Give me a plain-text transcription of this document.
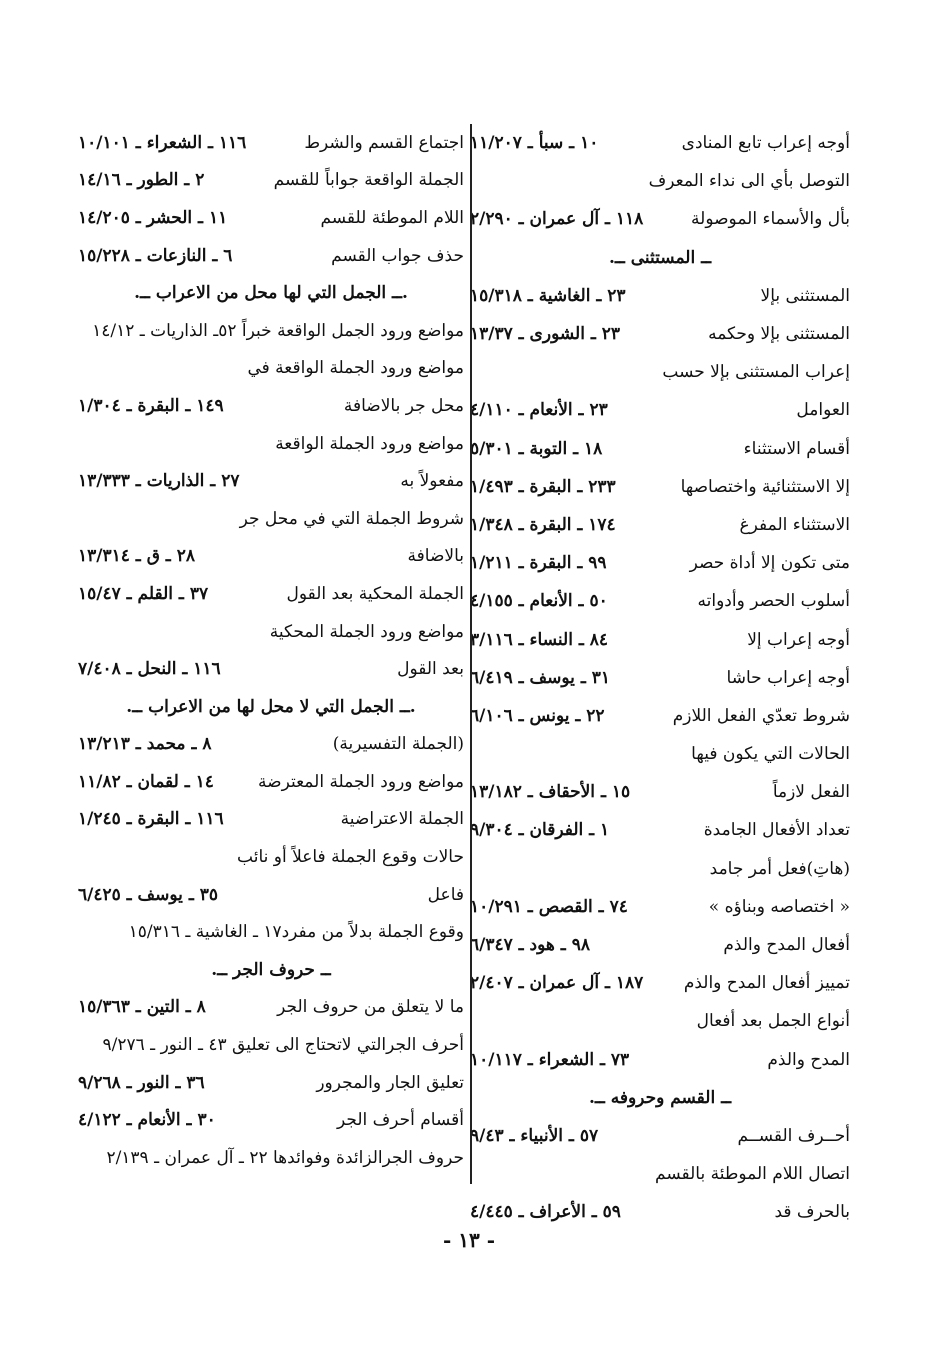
أوجه إعراب تابع المنادى
١٠ ـ سبأ ـ ١١/٢٠٧
التوصل بأي الى نداء المعرف
بأل والأسماء الموصولة
١١٨ ـ آل عمران ـ ٢/٢٩٠
ــ المستثنى ــ.
المستثنى بإلا
٢٣ ـ الغاشية ـ ١٥/٣١٨
المستثنى بإلا وحكمه
٢٣ ـ الشورى ـ ١٣/٣٧
إعراب المستثنى بإلا حسب
العوامل
٢٣ ـ الأنعام ـ ٤/١١٠
أقسام الاستثناء
١٨ ـ التوبة ـ ٥/٣٠١
إلا الاستثنائية واختصاصها
٢٣٣ ـ البقرة ـ ١/٤٩٣
الاستثناء المفرغ
١٧٤ ـ البقرة ـ ١/٣٤٨
متى تكون إلا أداة حصر
٩٩ ـ البقرة ـ ١/٢١١
أسلوب الحصر وأدواته
٥٠ ـ الأنعام ـ ٤/١٥٥
أوجه إعراب إلا
٨٤ ـ النساء ـ ٣/١١٦
أوجه إعراب حاشا
٣١ ـ يوسف ـ ٦/٤١٩
شروط تعدّي الفعل اللازم
٢٢ ـ يونس ـ ٦/١٠٦
الحالات التي يكون فيها
الفعل لازماً
١٥ ـ الأحقاف ـ ١٣/١٨٢
تعداد الأفعال الجامدة
١ ـ الفرقان ـ ٩/٣٠٤
(هاتِ)فعل أمر جامد
« اختصاصه وبناؤه »
٧٤ ـ القصص ـ ١٠/٢٩١
أفعال المدح والذم
٩٨ ـ هود ـ ٦/٣٤٧
تمييز أفعال المدح والذم
١٨٧ ـ آل عمران ـ ٢/٤٠٧
أنواع الجمل بعد أفعال
المدح والذم
٧٣ ـ الشعراء ـ ١٠/١١٧
ــ القسم وحروفه ــ.
أحــرف القســم
٥٧ ـ الأنبياء ـ ٩/٤٣
اتصال اللام الموطئة بالقسم
بالحرف قد
٥٩ ـ الأعراف ـ ٤/٤٤٥
اجتماع القسم والشرط
١١٦ ـ الشعراء ـ ١٠/١٠١
الجملة الواقعة جواباً للقسم
٢ ـ الطور ـ ١٤/١٦
اللام الموطئة للقسم
١١ ـ الحشر ـ ١٤/٢٠٥
حذف جواب القسم
٦ ـ النازعات ـ ١٥/٢٢٨
.ــ الجمل التي لها محل من الاعراب ــ.
مواضع ورود الجمل الواقعة خبراً ٥٢ـ الذاريات ـ ١٤/١٢
مواضع ورود الجملة الواقعة في
محل جر بالاضافة
١٤٩ ـ البقرة ـ ١/٣٠٤
مواضع ورود الجملة الواقعة
مفعولاً به
٢٧ ـ الذاريات ـ ١٣/٣٣٣
شروط الجملة التي في محل جر
بالاضافة
٢٨ ـ ق ـ ١٣/٣١٤
الجملة المحكية بعد القول
٣٧ ـ القلم ـ ١٥/٤٧
مواضع ورود الجملة المحكية
بعد القول
١١٦ ـ النحل ـ ٧/٤٠٨
.ــ الجمل التي لا محل لها من الاعراب ــ.
(الجملة التفسيرية)
٨ ـ محمد ـ ١٣/٢١٣
مواضع ورود الجملة المعترضة
١٤ ـ لقمان ـ ١١/٨٢
الجملة الاعتراضية
١١٦ ـ البقرة ـ ١/٢٤٥
حالات وقوع الجملة فاعلاً أو نائب
فاعل
٣٥ ـ يوسف ـ ٦/٤٢٥
وقوع الجملة بدلاً من مفرد١٧ ـ الغاشية ـ ١٥/٣١٦
ــ حروف الجر ــ.
ما لا يتعلق من حروف الجر
٨ ـ التين ـ ١٥/٣٦٣
أحرف الجرالتي لاتحتاج الى تعليق ٤٣ ـ النور ـ ٩/٢٧٦
تعليق الجار والمجرور
٣٦ ـ النور ـ ٩/٢٦٨
أقسام أحرف الجر
٣٠ ـ الأنعام ـ ٤/١٢٢
حروف الجرالزائدة وفوائدها ٢٢ ـ آل عمران ـ ٢/١٣٩
- ١٣ -
